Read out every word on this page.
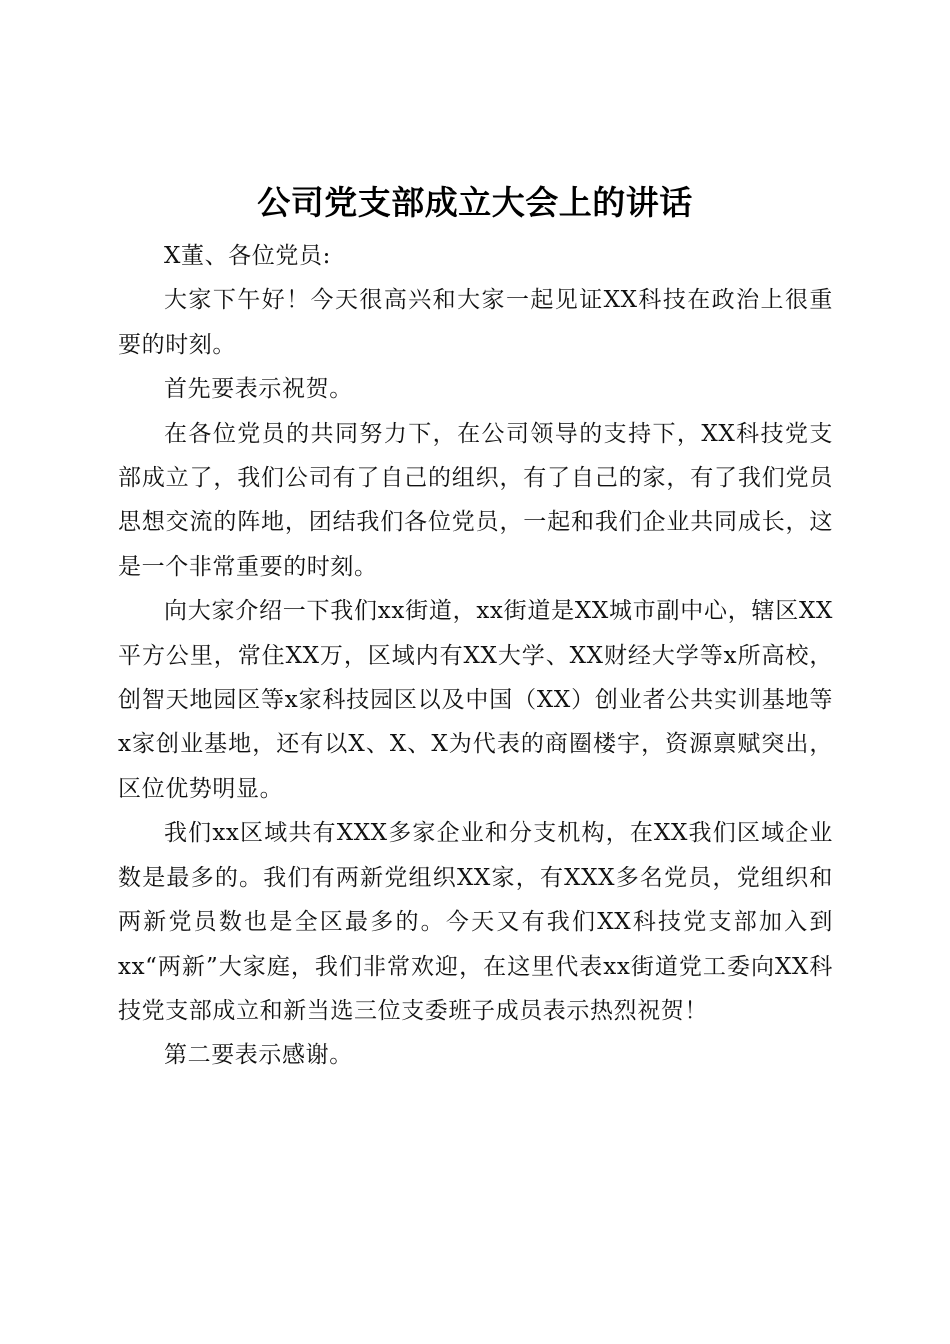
公司党支部成立大会上的讲话

X董、各位党员:

大家下午好！今天很高兴和大家一起见证XX科技在政治上很重要的时刻。

首先要表示祝贺。

在各位党员的共同努力下，在公司领导的支持下，XX科技党支部成立了，我们公司有了自己的组织，有了自己的家，有了我们党员思想交流的阵地，团结我们各位党员，一起和我们企业共同成长，这是一个非常重要的时刻。

向大家介绍一下我们xx街道，xx街道是XX城市副中心，辖区XX平方公里，常住XX万，区域内有XX大学、XX财经大学等x所高校，创智天地园区等x家科技园区以及中国（XX）创业者公共实训基地等x家创业基地，还有以X、X、X为代表的商圈楼宇，资源禀赋突出，区位优势明显。

我们xx区域共有XXX多家企业和分支机构，在XX我们区域企业数是最多的。我们有两新党组织XX家，有XXX多名党员，党组织和两新党员数也是全区最多的。今天又有我们XX科技党支部加入到xx“两新”大家庭，我们非常欢迎，在这里代表xx街道党工委向XX科技党支部成立和新当选三位支委班子成员表示热烈祝贺！

第二要表示感谢。
